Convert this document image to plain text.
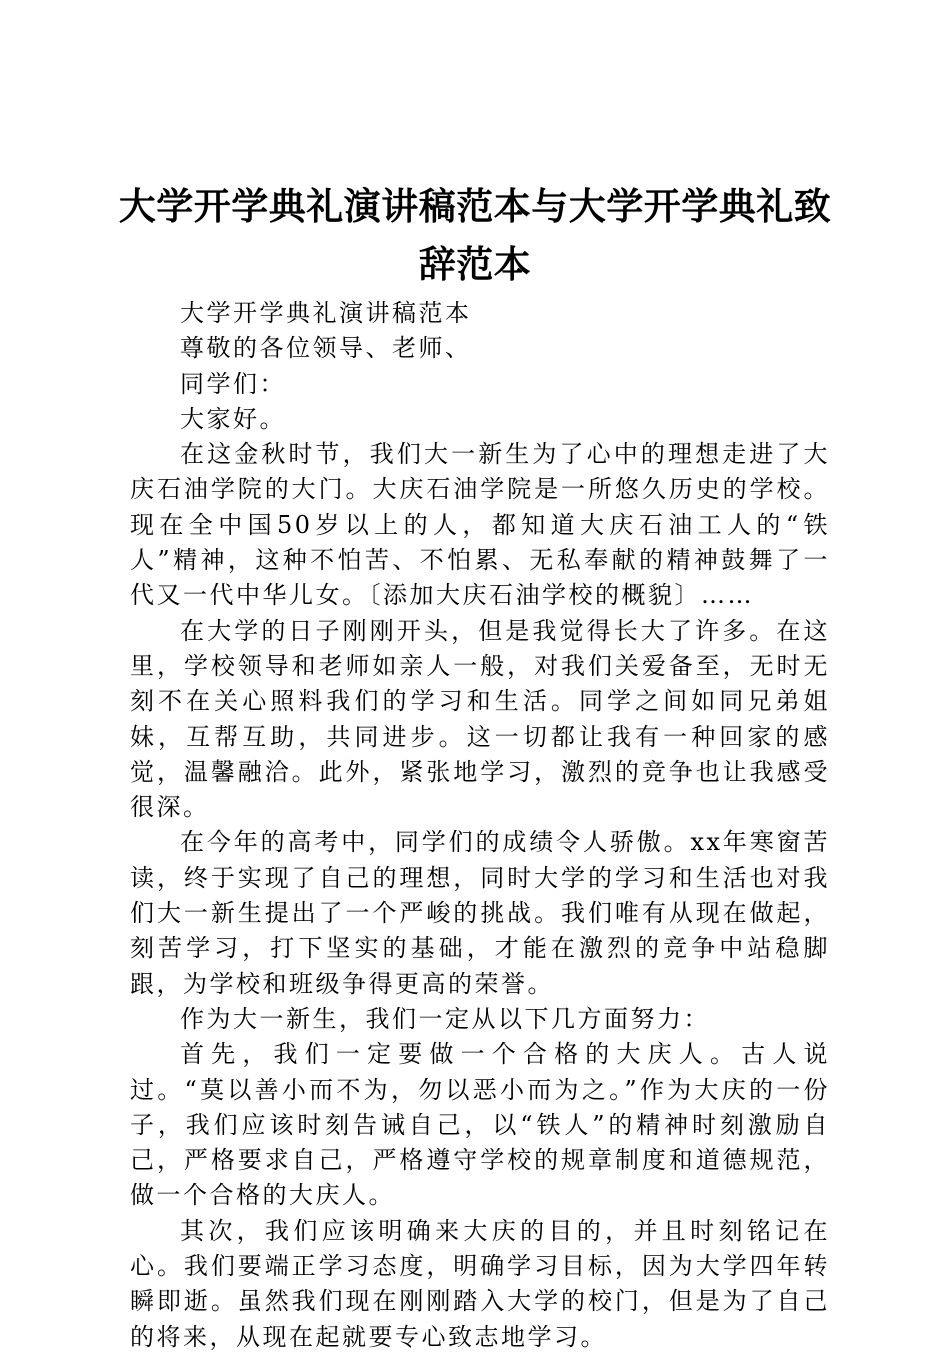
大学开学典礼演讲稿范本与大学开学典礼致辞范本

大学开学典礼演讲稿范本

尊敬的各位领导、老师、

同学们：

大家好。

在这金秋时节，我们大一新生为了心中的理想走进了大庆石油学院的大门。大庆石油学院是一所悠久历史的学校。现在全中国50岁以上的人，都知道大庆石油工人的“铁人”精神，这种不怕苦、不怕累、无私奉献的精神鼓舞了一代又一代中华儿女。〔添加大庆石油学校的概貌〕……

在大学的日子刚刚开头，但是我觉得长大了许多。在这里，学校领导和老师如亲人一般，对我们关爱备至，无时无刻不在关心照料我们的学习和生活。同学之间如同兄弟姐妹，互帮互助，共同进步。这一切都让我有一种回家的感觉，温馨融洽。此外，紧张地学习，激烈的竞争也让我感受很深。

在今年的高考中，同学们的成绩令人骄傲。xx年寒窗苦读，终于实现了自己的理想，同时大学的学习和生活也对我们大一新生提出了一个严峻的挑战。我们唯有从现在做起，刻苦学习，打下坚实的基础，才能在激烈的竞争中站稳脚跟，为学校和班级争得更高的荣誉。

作为大一新生，我们一定从以下几方面努力：

首先，我们一定要做一个合格的大庆人。古人说过。“莫以善小而不为，勿以恶小而为之。”作为大庆的一份子，我们应该时刻告诫自己，以“铁人”的精神时刻激励自己，严格要求自己，严格遵守学校的规章制度和道德规范，做一个合格的大庆人。

其次，我们应该明确来大庆的目的，并且时刻铭记在心。我们要端正学习态度，明确学习目标，因为大学四年转瞬即逝。虽然我们现在刚刚踏入大学的校门，但是为了自己的将来，从现在起就要专心致志地学习。
